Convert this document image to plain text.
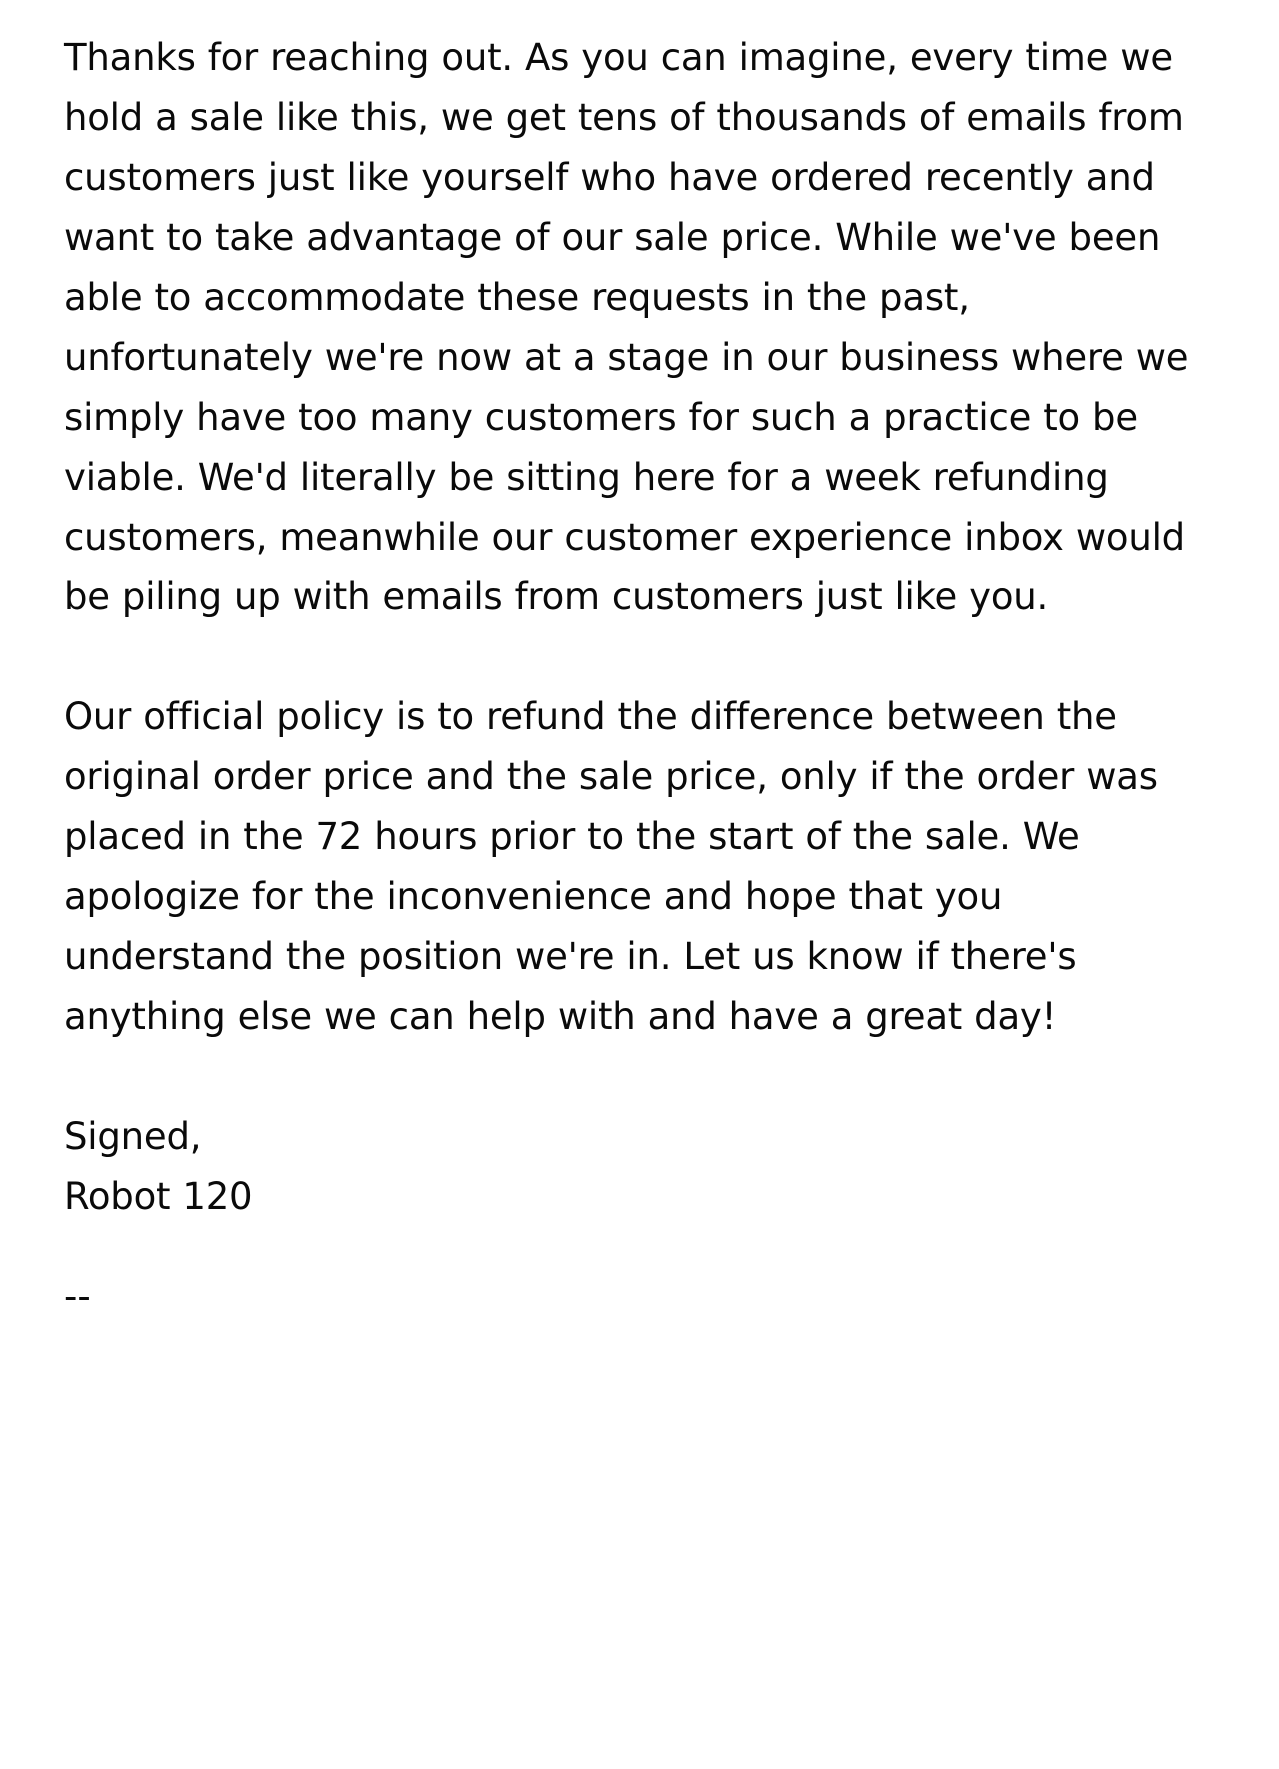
Thanks for reaching out. As you can imagine, every time we hold a sale like this, we get tens of thousands of emails from customers just like yourself who have ordered recently and want to take advantage of our sale price. While we've been able to accommodate these requests in the past, unfortunately we're now at a stage in our business where we simply have too many customers for such a practice to be viable. We'd literally be sitting here for a week refunding customers, meanwhile our customer experience inbox would be piling up with emails from customers just like you.

Our official policy is to refund the difference between the original order price and the sale price, only if the order was placed in the 72 hours prior to the start of the sale. We apologize for the inconvenience and hope that you understand the position we're in. Let us know if there's anything else we can help with and have a great day!

Signed,

Robot 120

--
